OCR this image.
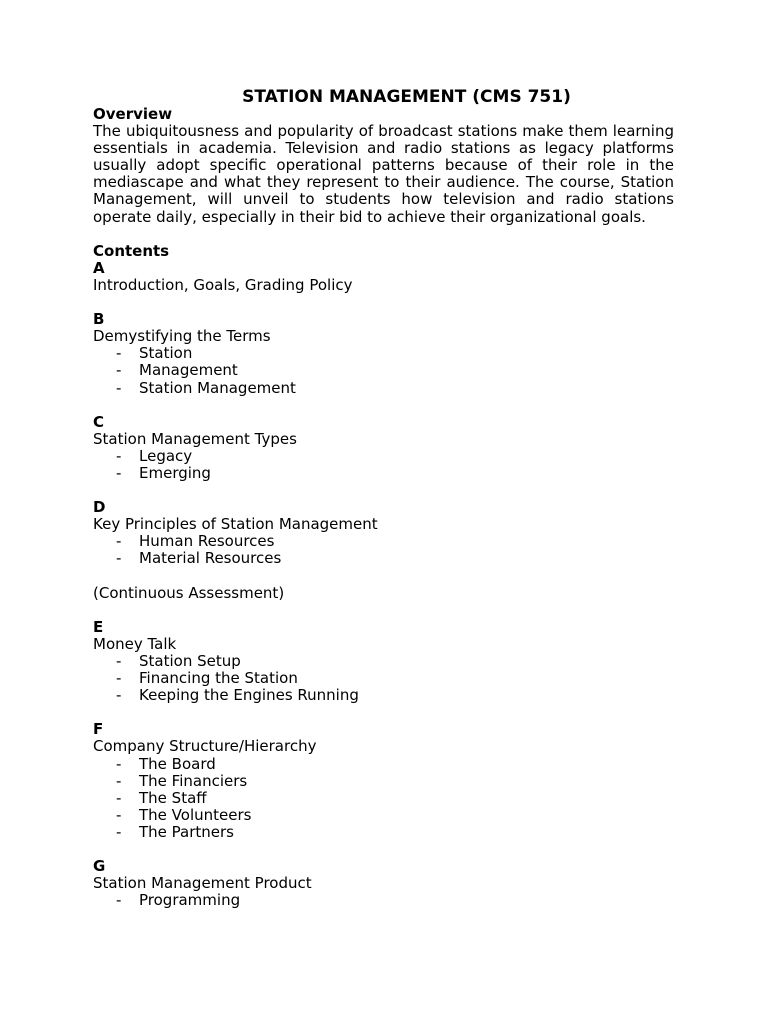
STATION MANAGEMENT (CMS 751)
Overview
The ubiquitousness and popularity of broadcast stations make them learning essentials in academia. Television and radio stations as legacy platforms usually adopt specific operational patterns because of their role in the mediascape and what they represent to their audience. The course, Station Management, will unveil to students how television and radio stations operate daily, especially in their bid to achieve their organizational goals.
Contents
A
Introduction, Goals, Grading Policy
B
Demystifying the Terms
- Station
- Management
- Station Management
C
Station Management Types
- Legacy
- Emerging
D
Key Principles of Station Management
- Human Resources
- Material Resources
(Continuous Assessment)
E
Money Talk
- Station Setup
- Financing the Station
- Keeping the Engines Running
F
Company Structure/Hierarchy
- The Board
- The Financiers
- The Staff
- The Volunteers
- The Partners
G
Station Management Product
- Programming
